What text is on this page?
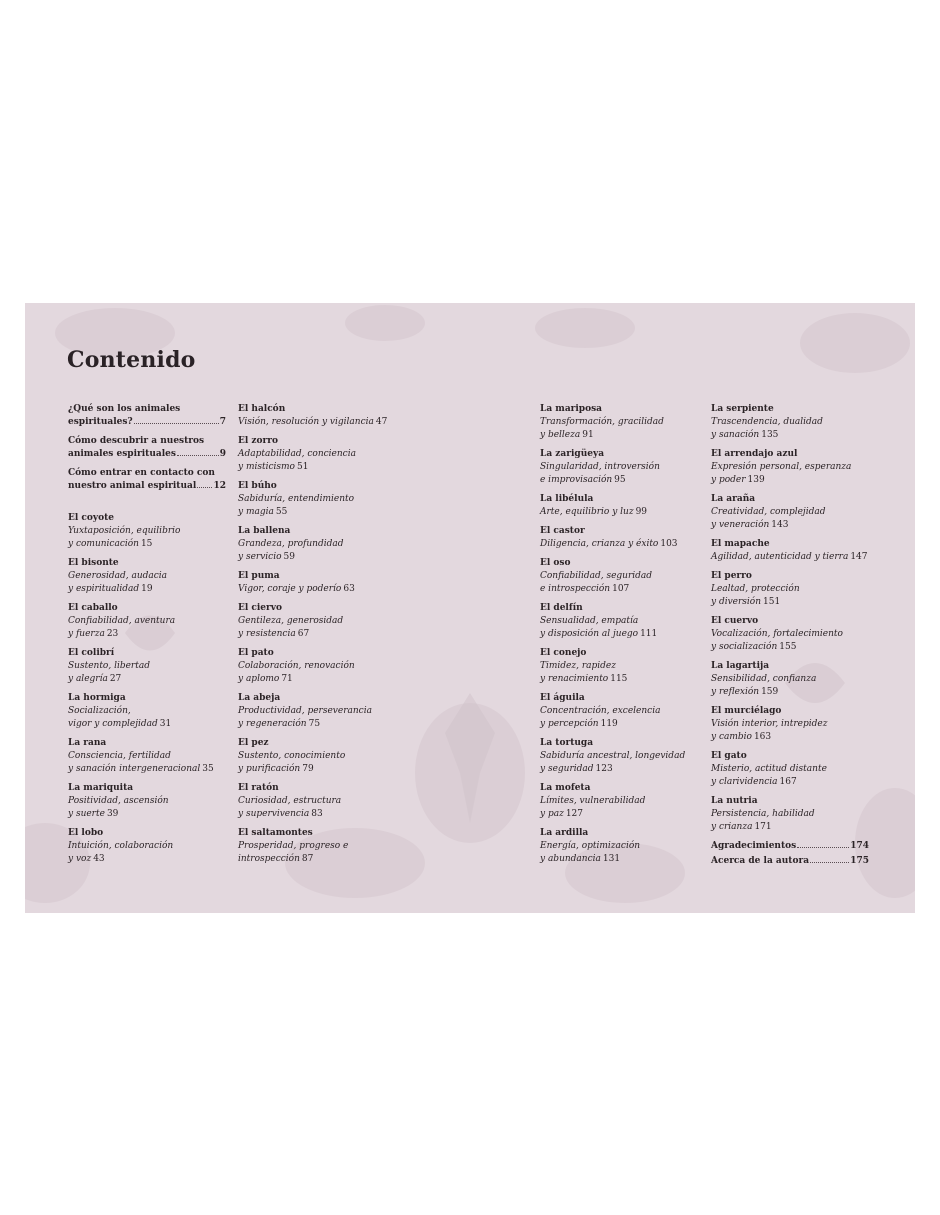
Contenido
¿Qué son los animales
espirituales?	7
Cómo descubrir a nuestros
animales espirituales	9
Cómo entrar en contacto con
nuestro animal espiritual 12
El coyote
Yuxtaposición, equilibrio
y comunicación 15
El bisonte
Generosidad, audacia
y espiritualidad 19
El caballo
Confiabilidad, aventura
y fuerza 23
El colibrí
Sustento, libertad
y alegría 27
La hormiga
Socialización,
vigor y complejidad 31
La rana
Consciencia, fertilidad
y sanación intergeneracional 35
La mariquita
Positividad, ascensión
y suerte 39
El lobo
Intuición, colaboración
y voz 43
El halcón
Visión, resolución y vigilancia 47
El zorro
Adaptabilidad, conciencia
y misticismo 51
El búho
Sabiduría, entendimiento
y magia 55
La ballena
Grandeza, profundidad
y servicio 59
El puma
Vigor, coraje y poderío 63
El ciervo
Gentileza, generosidad
y resistencia 67
El pato
Colaboración, renovación
y aplomo 71
La abeja
Productividad, perseverancia
y regeneración 75
El pez
Sustento, conocimiento
y purificación 79
El ratón
Curiosidad, estructura
y supervivencia 83
El saltamontes
Prosperidad, progreso e
introspección 87
La mariposa
Transformación, gracilidad
y belleza 91
La zarigüeya
Singularidad, introversión
e improvisación 95
La libélula
Arte, equilibrio y luz 99
El castor
Diligencia, crianza y éxito 103
El oso
Confiabilidad, seguridad
e introspección 107
El delfín
Sensualidad, empatía
y disposición al juego 111
El conejo
Timidez, rapidez
y renacimiento 115
El águila
Concentración, excelencia
y percepción 119
La tortuga
Sabiduría ancestral, longevidad
y seguridad 123
La mofeta
Límites, vulnerabilidad
y paz 127
La ardilla
Energía, optimización
y abundancia 131
La serpiente
Trascendencia, dualidad
y sanación 135
El arrendajo azul
Expresión personal, esperanza
y poder 139
La araña
Creatividad, complejidad
y veneración 143
El mapache
Agilidad, autenticidad y tierra 147
El perro
Lealtad, protección
y diversión 151
El cuervo
Vocalización, fortalecimiento
y socialización 155
La lagartija
Sensibilidad, confianza
y reflexión 159
El murciélago
Visión interior, intrepidez
y cambio 163
El gato
Misterio, actitud distante
y clarividencia 167
La nutria
Persistencia, habilidad
y crianza 171
Agradecimientos	174
Acerca de la autora	175
